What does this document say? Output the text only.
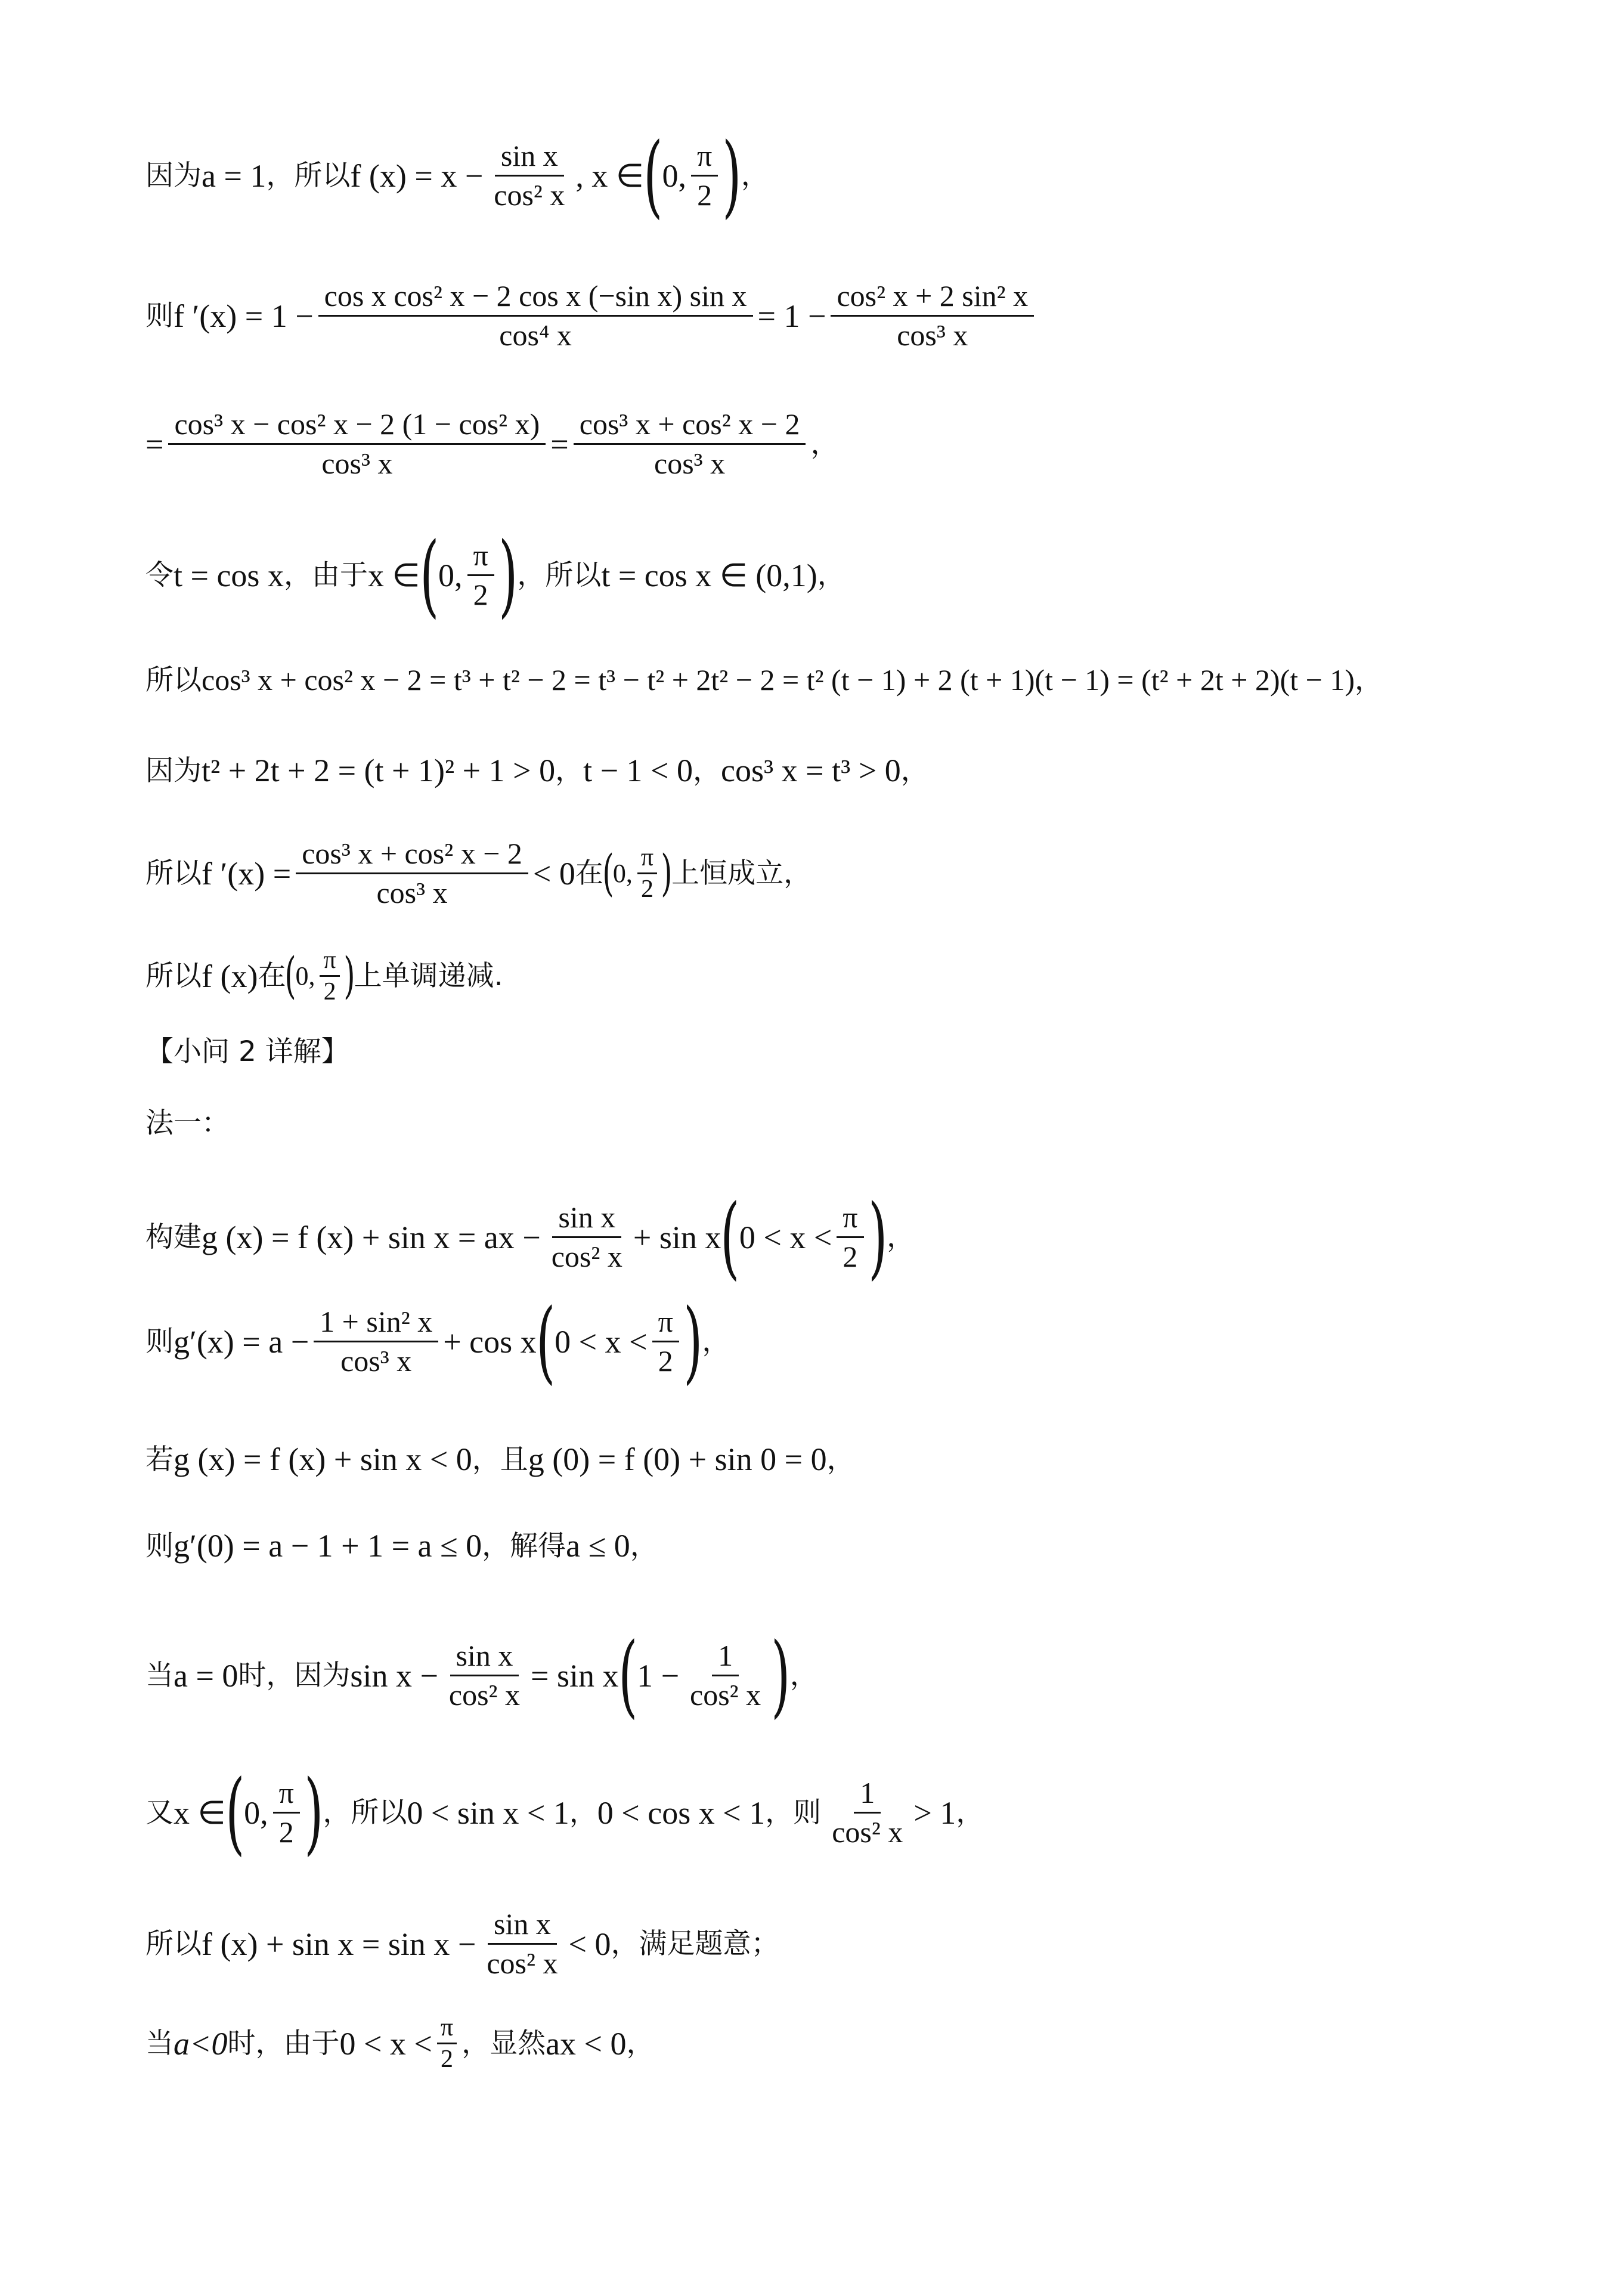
因为 a = 1 ，所以 f $(x) = x - \frac{\text{sin x}}{\text{cos² x}}$ , x ∈ ( 0, $\frac{\pi}{2}$ ) ，
则 f $'(x) = 1 - \frac{\text{cos x cos² x − 2 cos x (−sin x) sin x}}{\text{cos⁴ x}} = 1 - \frac{\text{cos² x + 2 sin² x}}{\text{cos³ x}}$
= $\frac{\text{cos³ x − cos² x − 2 (1 − cos² x)}}{\text{cos³ x}} = \frac{\text{cos³ x + cos² x − 2}}{\text{cos³ x}}$ ，
令 t = cos x ，由于 x ∈ ( 0, $\frac{\pi}{2}$ ) ，所以 t = cos x ∈ (0,1) ，
所以 cos³ x + cos² x − 2 = t³ + t² − 2 = t³ − t² + 2t² − 2 = t² (t − 1) + 2 (t + 1)(t − 1) = (t² + 2t + 2)(t − 1) ，
因为 t² + 2t + 2 = (t + 1)² + 1 > 0 ， t − 1 < 0 ， cos³ x = t³ > 0 ，
所以 f $'(x) = \frac{\text{cos³ x + cos² x − 2}}{\text{cos³ x}} < 0$ 在
(
0, $\frac{\pi}{2}$ )
上恒成立，
所以 f (x) 在
(
0, $\frac{\pi}{2}$ )
上单调递减.
【小问 2 详解】
法一：
构建 g (x) = f (x) + sin x = ax − $\frac{\text{sin x}}{\text{cos² x}} + \sin x$ ( $0 < x < \frac{\pi}{2}$ ) ，
则 $g'(x) = a - \frac{\text{1 + sin² x}}{\text{cos³ x}} + \cos x$ ( $0 < x < \frac{\pi}{2}$ ) ，
若 g (x) = f (x) + sin x < 0 ，且 g (0) = f (0) + sin 0 = 0 ，
则 g′(0) = a − 1 + 1 = a ≤ 0 ，解得 a ≤ 0 ，
当 a = 0 时，因为 $\sin x - \frac{\text{sin x}}{\text{cos² x}} = \sin x$ ( $1 - \frac{1}{\text{cos² x}}$ ) ，
又 x ∈ ( 0, $\frac{\pi}{2}$ ) ，所以 0 < sin x < 1 ， 0 < cos x < 1 ，则 $\frac{1}{\text{cos² x}} > 1$ ，
所以 f $(x) + \sin x = \sin x - \frac{\text{sin x}}{\text{cos² x}} < 0$ ，满足题意；
当 a<0 时，由于 $0 < x < \frac{\pi}{2}$ ，显然 ax < 0 ，
